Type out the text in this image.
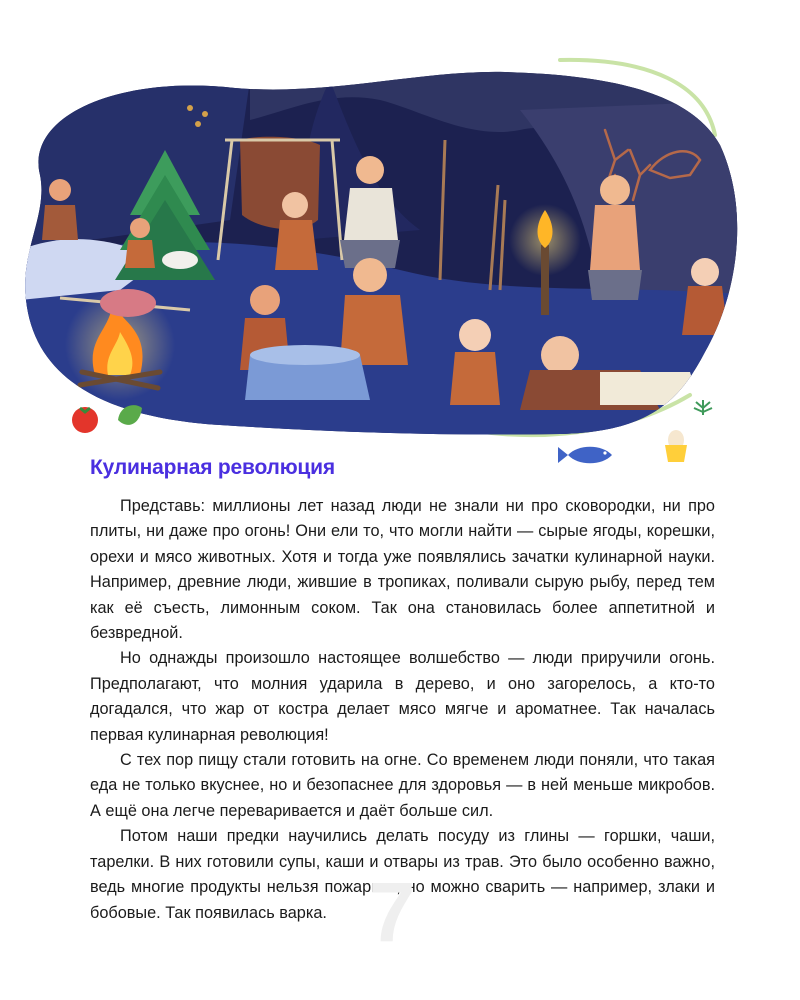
Кулинарная революция

Представь: миллионы лет назад люди не знали ни про сковородки, ни про плиты, ни даже про огонь! Они ели то, что могли найти — сырые ягоды, корешки, орехи и мясо животных. Хотя и тогда уже появлялись зачатки кулинарной науки. Например, древние люди, жившие в тропиках, поливали сырую рыбу, перед тем как её съесть, лимонным соком. Так она становилась более аппетитной и безвредной.

Но однажды произошло настоящее волшебство — люди приручили огонь. Предполагают, что молния ударила в дерево, и оно загорелось, а кто-то догадался, что жар от костра делает мясо мягче и ароматнее. Так началась первая кулинарная революция!

С тех пор пищу стали готовить на огне. Со временем люди поняли, что такая еда не только вкуснее, но и безопаснее для здоровья — в ней меньше микробов. А ещё она легче переваривается и даёт больше сил.

Потом наши предки научились делать посуду из глины — горшки, чаши, тарелки. В них готовили супы, каши и отвары из трав. Это было особенно важно, ведь многие продукты нельзя пожарить, но можно сварить — например, злаки и бобовые. Так появилась варка. 7
